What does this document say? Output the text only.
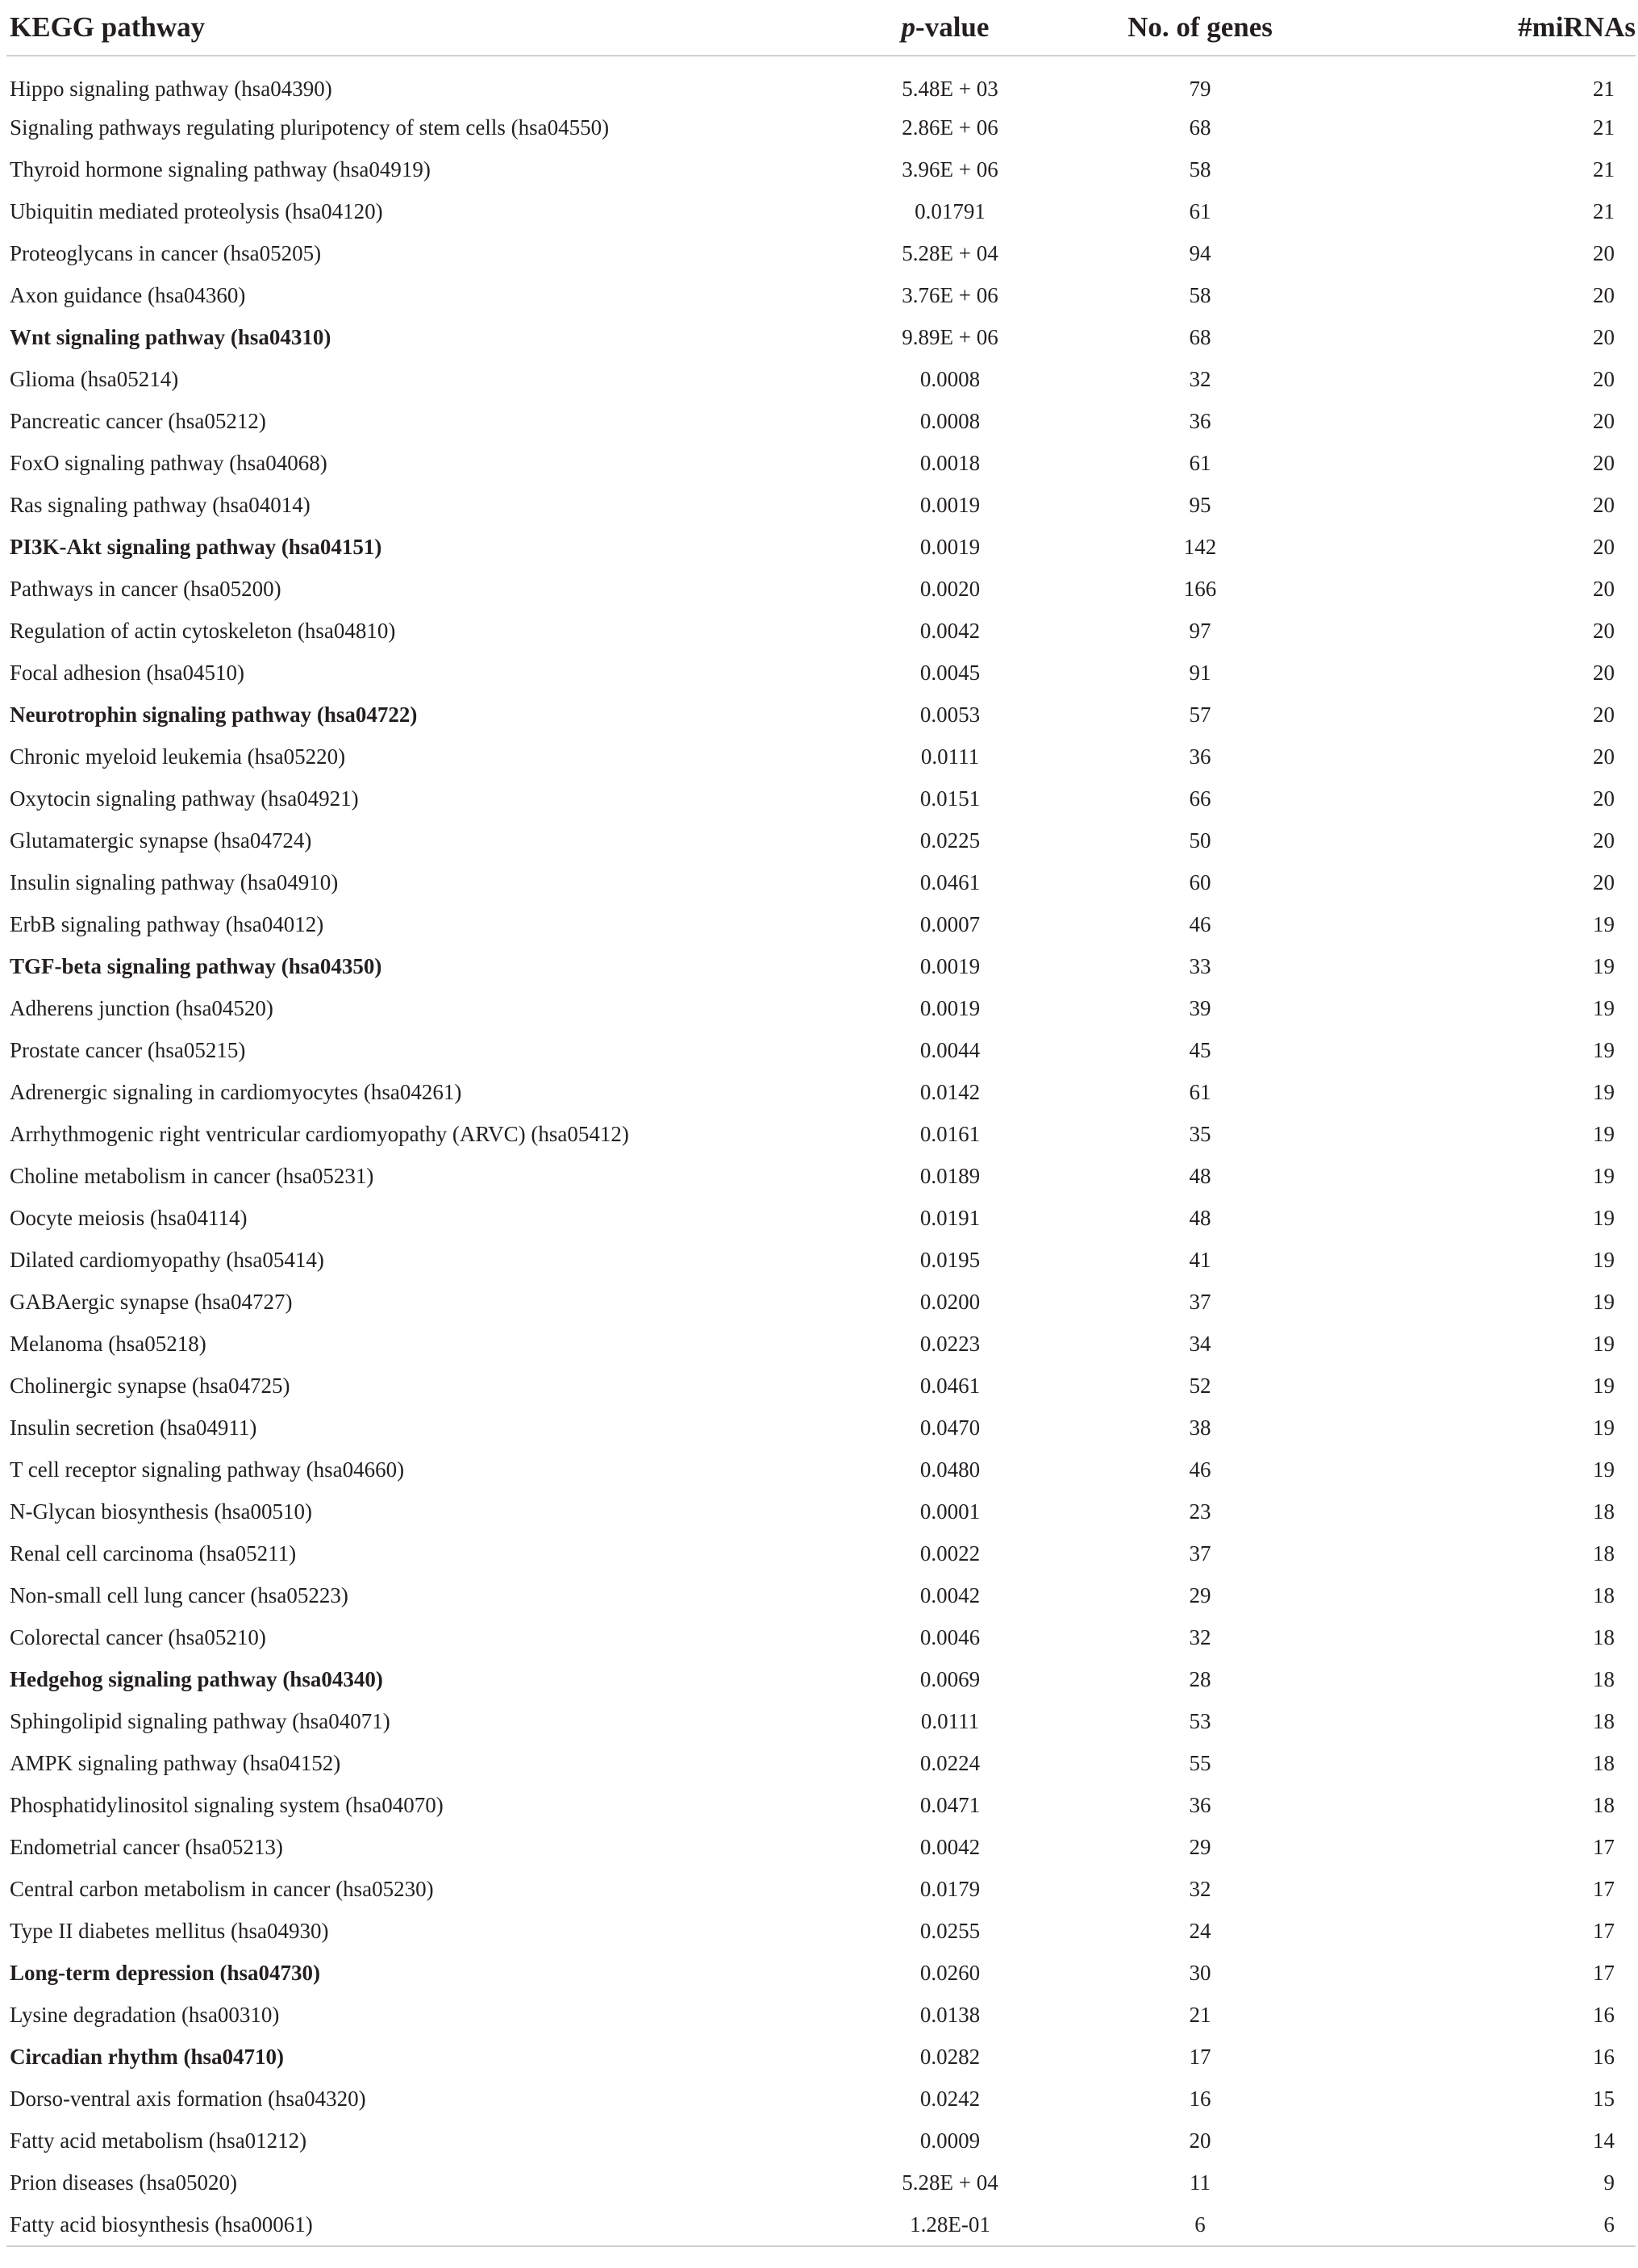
KEGG pathway	p-value	No. of genes	#miRNAs
Hippo signaling pathway (hsa04390)	5.48E + 03	79	21
Signaling pathways regulating pluripotency of stem cells (hsa04550)	2.86E + 06	68	21
Thyroid hormone signaling pathway (hsa04919)	3.96E + 06	58	21
Ubiquitin mediated proteolysis (hsa04120)	0.01791	61	21
Proteoglycans in cancer (hsa05205)	5.28E + 04	94	20
Axon guidance (hsa04360)	3.76E + 06	58	20
Wnt signaling pathway (hsa04310)	9.89E + 06	68	20
Glioma (hsa05214)	0.0008	32	20
Pancreatic cancer (hsa05212)	0.0008	36	20
FoxO signaling pathway (hsa04068)	0.0018	61	20
Ras signaling pathway (hsa04014)	0.0019	95	20
PI3K-Akt signaling pathway (hsa04151)	0.0019	142	20
Pathways in cancer (hsa05200)	0.0020	166	20
Regulation of actin cytoskeleton (hsa04810)	0.0042	97	20
Focal adhesion (hsa04510)	0.0045	91	20
Neurotrophin signaling pathway (hsa04722)	0.0053	57	20
Chronic myeloid leukemia (hsa05220)	0.0111	36	20
Oxytocin signaling pathway (hsa04921)	0.0151	66	20
Glutamatergic synapse (hsa04724)	0.0225	50	20
Insulin signaling pathway (hsa04910)	0.0461	60	20
ErbB signaling pathway (hsa04012)	0.0007	46	19
TGF-beta signaling pathway (hsa04350)	0.0019	33	19
Adherens junction (hsa04520)	0.0019	39	19
Prostate cancer (hsa05215)	0.0044	45	19
Adrenergic signaling in cardiomyocytes (hsa04261)	0.0142	61	19
Arrhythmogenic right ventricular cardiomyopathy (ARVC) (hsa05412)	0.0161	35	19
Choline metabolism in cancer (hsa05231)	0.0189	48	19
Oocyte meiosis (hsa04114)	0.0191	48	19
Dilated cardiomyopathy (hsa05414)	0.0195	41	19
GABAergic synapse (hsa04727)	0.0200	37	19
Melanoma (hsa05218)	0.0223	34	19
Cholinergic synapse (hsa04725)	0.0461	52	19
Insulin secretion (hsa04911)	0.0470	38	19
T cell receptor signaling pathway (hsa04660)	0.0480	46	19
N-Glycan biosynthesis (hsa00510)	0.0001	23	18
Renal cell carcinoma (hsa05211)	0.0022	37	18
Non-small cell lung cancer (hsa05223)	0.0042	29	18
Colorectal cancer (hsa05210)	0.0046	32	18
Hedgehog signaling pathway (hsa04340)	0.0069	28	18
Sphingolipid signaling pathway (hsa04071)	0.0111	53	18
AMPK signaling pathway (hsa04152)	0.0224	55	18
Phosphatidylinositol signaling system (hsa04070)	0.0471	36	18
Endometrial cancer (hsa05213)	0.0042	29	17
Central carbon metabolism in cancer (hsa05230)	0.0179	32	17
Type II diabetes mellitus (hsa04930)	0.0255	24	17
Long-term depression (hsa04730)	0.0260	30	17
Lysine degradation (hsa00310)	0.0138	21	16
Circadian rhythm (hsa04710)	0.0282	17	16
Dorso-ventral axis formation (hsa04320)	0.0242	16	15
Fatty acid metabolism (hsa01212)	0.0009	20	14
Prion diseases (hsa05020)	5.28E + 04	11	9
Fatty acid biosynthesis (hsa00061)	1.28E-01	6	6
